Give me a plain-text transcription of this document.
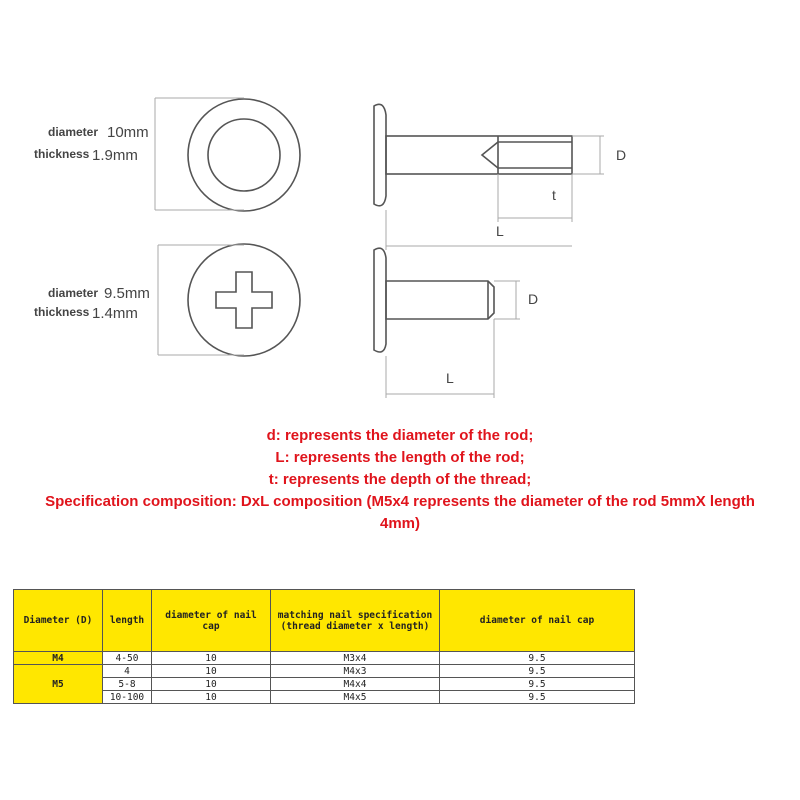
diameter 10mm
thickness 1.9mm	D
t
L
diameter 9.5mm
thickness 1.4mm
D
L
d: represents the diameter of the rod;
L: represents the length of the rod;
t: represents the depth of the thread;
Specification composition: DxL composition (M5x4 represents the diameter of the rod 5mmX length 4mm)
Diameter (D)	length	diameter of nail cap	matching nail specification (thread diameter x length)	diameter of nail cap
M4	4-50	10	M3x4	9.5
M5	4	10	M4x3	9.5
	5-8	10	M4x4	9.5
	10-100	10	M4x5	9.5
